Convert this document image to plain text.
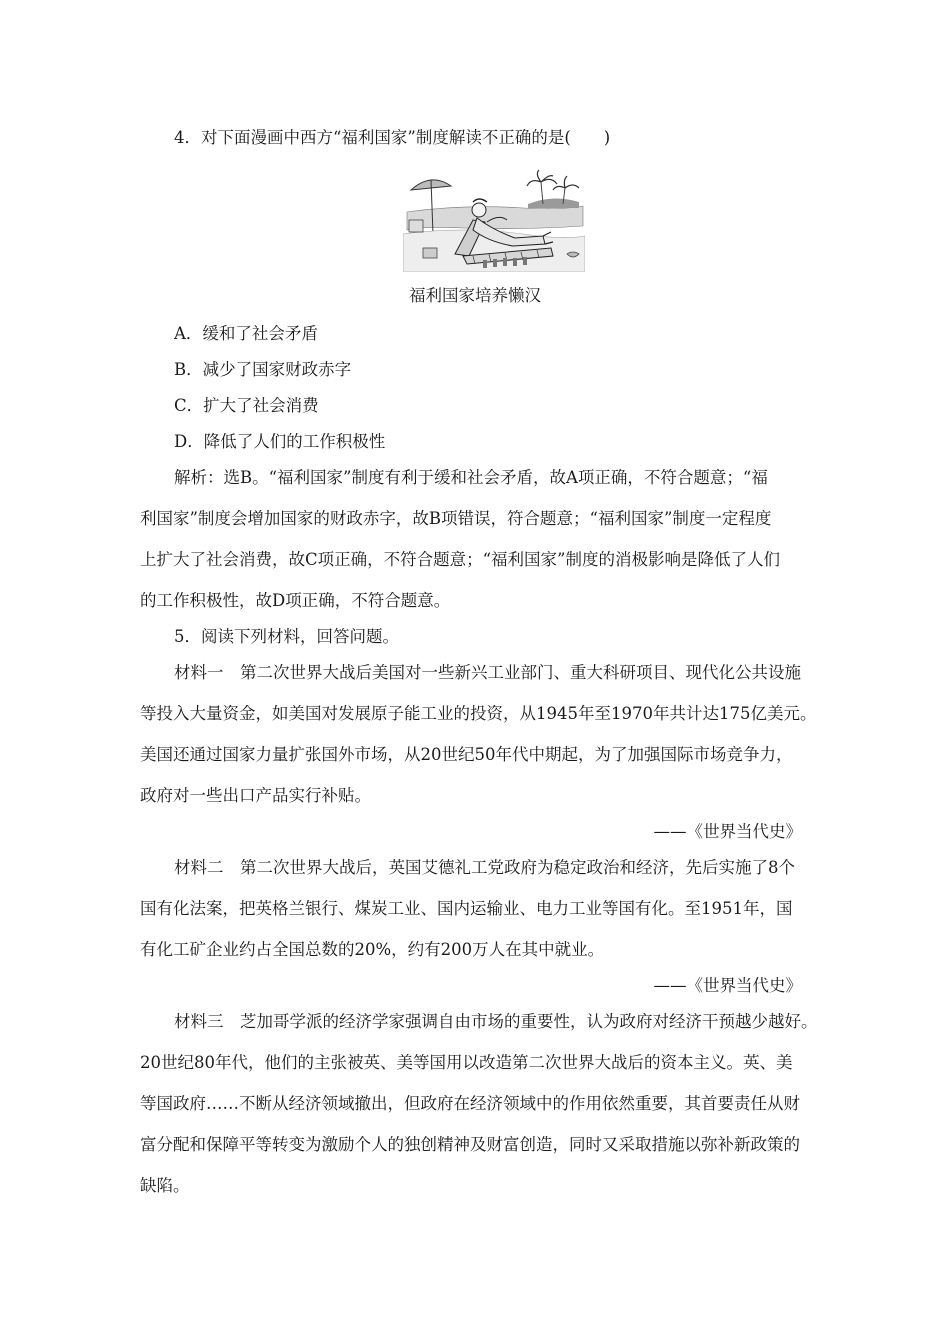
4．对下面漫画中西方“福利国家”制度解读不正确的是(　　)
福利国家培养懒汉
A．缓和了社会矛盾
B．减少了国家财政赤字
C．扩大了社会消费
D．降低了人们的工作积极性
解析：选B。“福利国家”制度有利于缓和社会矛盾，故A项正确，不符合题意；“福
利国家”制度会增加国家的财政赤字，故B项错误，符合题意；“福利国家”制度一定程度
上扩大了社会消费，故C项正确，不符合题意；“福利国家”制度的消极影响是降低了人们
的工作积极性，故D项正确，不符合题意。
5．阅读下列材料，回答问题。
材料一　第二次世界大战后美国对一些新兴工业部门、重大科研项目、现代化公共设施
等投入大量资金，如美国对发展原子能工业的投资，从1945年至1970年共计达175亿美元。
美国还通过国家力量扩张国外市场，从20世纪50年代中期起，为了加强国际市场竞争力，
政府对一些出口产品实行补贴。
——《世界当代史》
材料二　第二次世界大战后，英国艾德礼工党政府为稳定政治和经济，先后实施了8个
国有化法案，把英格兰银行、煤炭工业、国内运输业、电力工业等国有化。至1951年，国
有化工矿企业约占全国总数的20%，约有200万人在其中就业。
——《世界当代史》
材料三　芝加哥学派的经济学家强调自由市场的重要性，认为政府对经济干预越少越好。
20世纪80年代，他们的主张被英、美等国用以改造第二次世界大战后的资本主义。英、美
等国政府……不断从经济领域撤出，但政府在经济领域中的作用依然重要，其首要责任从财
富分配和保障平等转变为激励个人的独创精神及财富创造，同时又采取措施以弥补新政策的
缺陷。
